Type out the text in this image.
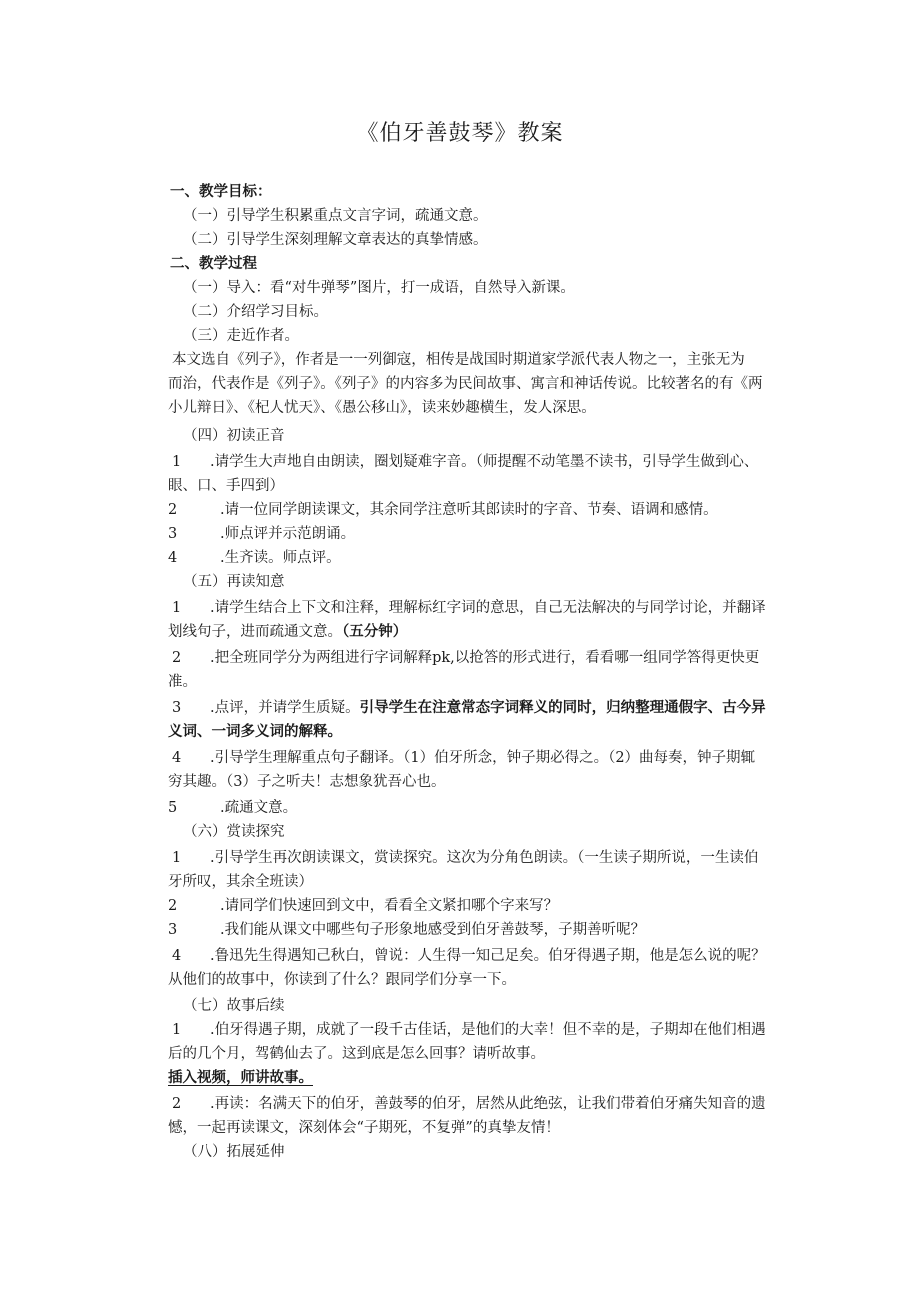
《伯牙善鼓琴》教案
一、教学目标：
（一）引导学生积累重点文言字词，疏通文意。
（二）引导学生深刻理解文章表达的真挚情感。
二、教学过程
（一）导入：看“对牛弹琴”图片，打一成语，自然导入新课。
（二）介绍学习目标。
（三）走近作者。
本文选自《列子》，作者是一一列御寇，相传是战国时期道家学派代表人物之一，主张无为
而治，代表作是《列子》。《列子》的内容多为民间故事、寓言和神话传说。比较著名的有《两
小儿辩日》、《杞人忧天》、《愚公移山》，读来妙趣横生，发人深思。
（四）初读正音
1 .请学生大声地自由朗读，圈划疑难字音。（师提醒不动笔墨不读书，引导学生做到心、
眼、口、手四到）
2	.请一位同学朗读课文，其余同学注意听其郎读时的字音、节奏、语调和感情。
3	.师点评并示范朗诵。
4	.生齐读。师点评。
（五）再读知意
1 .请学生结合上下文和注释，理解标红字词的意思，自己无法解决的与同学讨论，并翻译
划线句子，进而疏通文意。（五分钟）
2 .把全班同学分为两组进行字词解释pk,以抢答的形式进行，看看哪一组同学答得更快更
准。
3 .点评，并请学生质疑。引导学生在注意常态字词释义的同时，归纳整理通假字、古今异
义词、一词多义词的解释。
4 .引导学生理解重点句子翻译。（1）伯牙所念，钟子期必得之。（2）曲每奏，钟子期辄
穷其趣。（3）子之听夫！志想象犹吾心也。
5	.疏通文意。
（六）赏读探究
1 .引导学生再次朗读课文，赏读探究。这次为分角色朗读。（一生读子期所说，一生读伯
牙所叹，其余全班读）
2	.请同学们快速回到文中，看看全文紧扣哪个字来写？
3	.我们能从课文中哪些句子形象地感受到伯牙善鼓琴，子期善听呢？
4 .鲁迅先生得遇知己秋白，曾说：人生得一知己足矣。伯牙得遇子期，他是怎么说的呢？
从他们的故事中，你读到了什么？跟同学们分享一下。
（七）故事后续
1 .伯牙得遇子期，成就了一段千古佳话，是他们的大幸！但不幸的是，子期却在他们相遇
后的几个月，驾鹤仙去了。这到底是怎么回事？请听故事。
插入视频，师讲故事。
2 .再读：名满天下的伯牙，善鼓琴的伯牙，居然从此绝弦，让我们带着伯牙痛失知音的遗
憾，一起再读课文，深刻体会“子期死，不复弹”的真挚友情！
（八）拓展延伸
